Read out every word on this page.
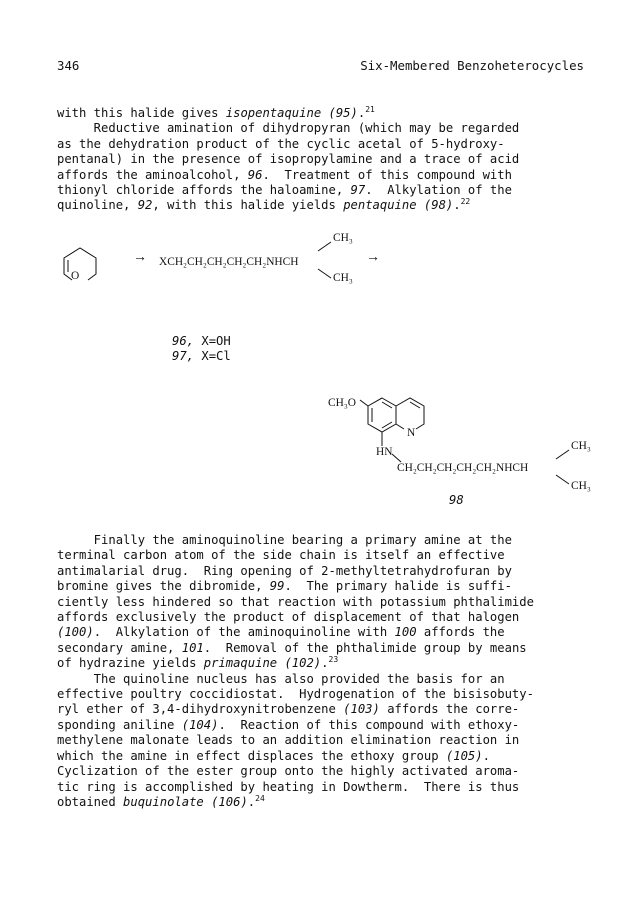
346	Six-Membered Benzoheterocycles
with this halide gives isopentaquine (95).$^{21}$
Reductive amination of dihydropyran (which may be regarded
as the dehydration product of the cyclic acetal of 5-hydroxy-
pentanal) in the presence of isopropylamine and a trace of acid
affords the aminoalcohol, 96.  Treatment of this compound with
thionyl chloride affords the haloamine, 97.  Alkylation of the
quinoline, 92, with this halide yields pentaquine (98).$^{22}$
O
→ XCH₂CH₂CH₂CH₂CH₂NHCH
CH₃
CH₃
→
96, X=OH
97, X=Cl
CH₃O
N
HN
CH₂CH₂CH₂CH₂CH₂NHCH
CH₃
CH₃
98
Finally the aminoquinoline bearing a primary amine at the
terminal carbon atom of the side chain is itself an effective
antimalarial drug.  Ring opening of 2-methyltetrahydrofuran by
bromine gives the dibromide, 99.  The primary halide is suffi-
ciently less hindered so that reaction with potassium phthalimide
affords exclusively the product of displacement of that halogen
(100).  Alkylation of the aminoquinoline with 100 affords the
secondary amine, 101.  Removal of the phthalimide group by means
of hydrazine yields primaquine (102).$^{23}$
The quinoline nucleus has also provided the basis for an
effective poultry coccidiostat.  Hydrogenation of the bisisobuty-
ryl ether of 3,4-dihydroxynitrobenzene (103) affords the corre-
sponding aniline (104).  Reaction of this compound with ethoxy-
methylene malonate leads to an addition elimination reaction in
which the amine in effect displaces the ethoxy group (105).
Cyclization of the ester group onto the highly activated aroma-
tic ring is accomplished by heating in Dowtherm.  There is thus
obtained buquinolate (106).$^{24}$
